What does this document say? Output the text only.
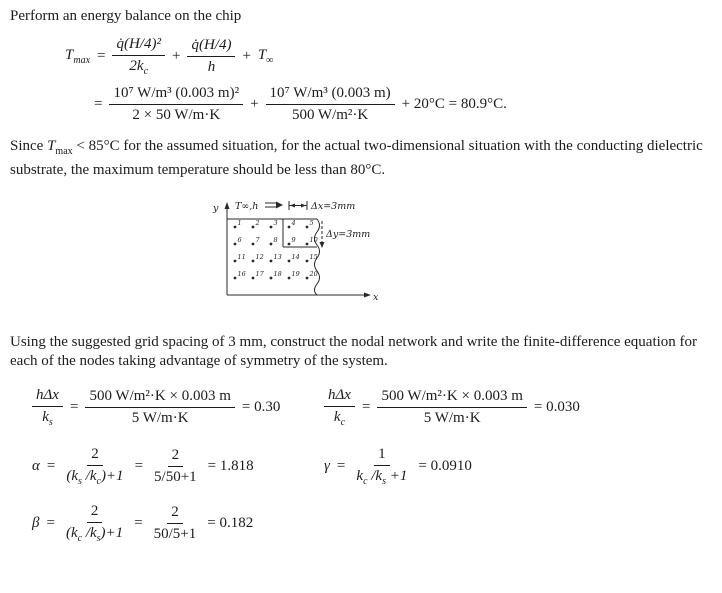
Perform an energy balance on the chip

$T_{max} = \frac{\text{q̇(H/4)²}}{2k_c} + \frac{q̇(H/4)}{h} + T_\infty$
= $\frac{\text{10⁷ W/m³ (0.003 m)²}}{2 \times 50 W/m\cdot K} + \frac{\text{10⁷ W/m³ (0.003 m)}}{\text{500 W/m²·K}} + 20^\circ C = 80.9^\circ C$.

Since $T_{max} < 85^\circ C$ for the assumed situation, for the actual two-dimensional situation with the conducting dielectric substrate, the maximum temperature should be less than 80°C.

y T∞,h	Δx=3mm
Δy=3mm
x
1 2 3 4 5
6 7 8 9 10
11 12 13 14 15
16 17 18 19 20

Using the suggested grid spacing of 3 mm, construct the nodal network and write the finite-difference equation for each of the nodes taking advantage of symmetry of the system.

$\frac{\text{hΔx}}{k_s} = \frac{\text{500 W/m²·K × 0.003 m}}{5 W/m\cdot K} = 0.30$	$\frac{\text{hΔx}}{k_c} = \frac{\text{500 W/m²·K × 0.003 m}}{5 W/m\cdot K} = 0.030$
$\alpha = \frac{2}{(k_s /k_c)+1} = \frac{2}{5/50+1} = 1.818$	$\gamma = \frac{1}{k_c /k_s +1} = 0.0910$
$\beta = \frac{2}{(k_c /k_s)+1} = \frac{2}{50/5+1} = 0.182$
